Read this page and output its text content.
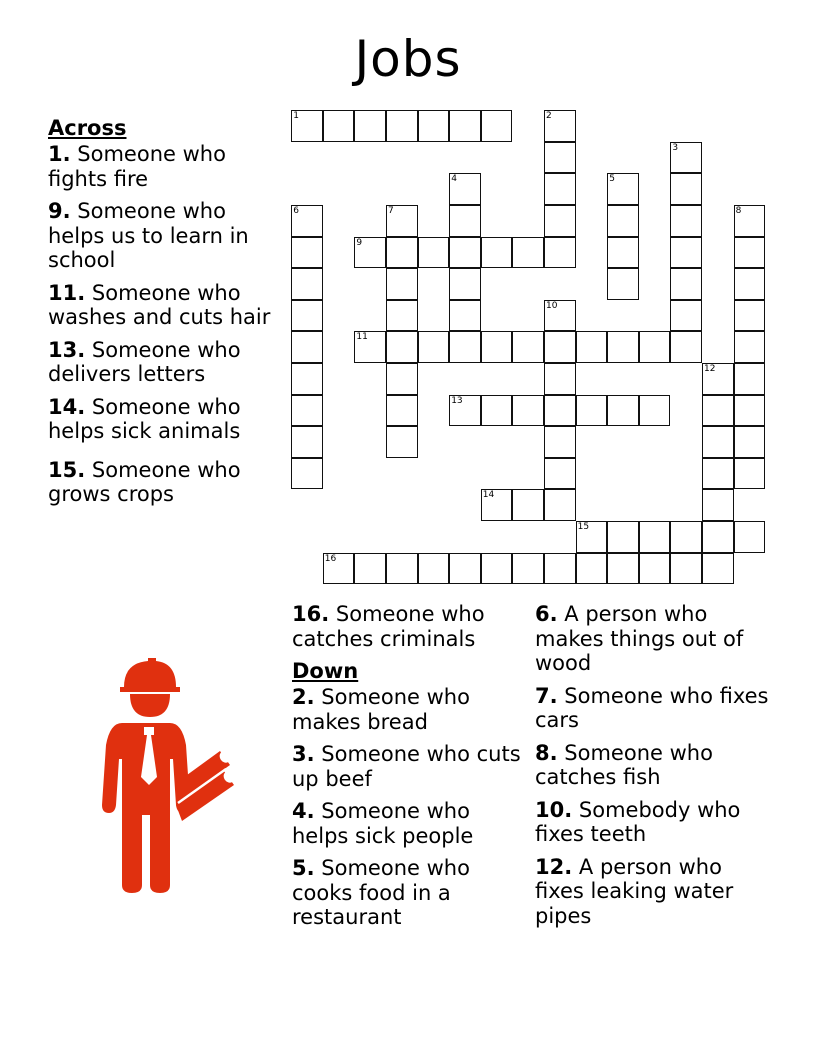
Jobs
Across
1. Someone who fights fire
9. Someone who helps us to learn in school
11. Someone who washes and cuts hair
13. Someone who delivers letters
14. Someone who helps sick animals
15. Someone who grows crops
16. Someone who catches criminals
Down
2. Someone who makes bread
3. Someone who cuts up beef
4. Someone who helps sick people
5. Someone who cooks food in a restaurant
6. A person who makes things out of wood
7. Someone who fixes cars
8. Someone who catches fish
10. Somebody who fixes teeth
12. A person who fixes leaking water pipes
1	2
3
4	5
6	7	8
9
10
11
12
13
14
15
16
